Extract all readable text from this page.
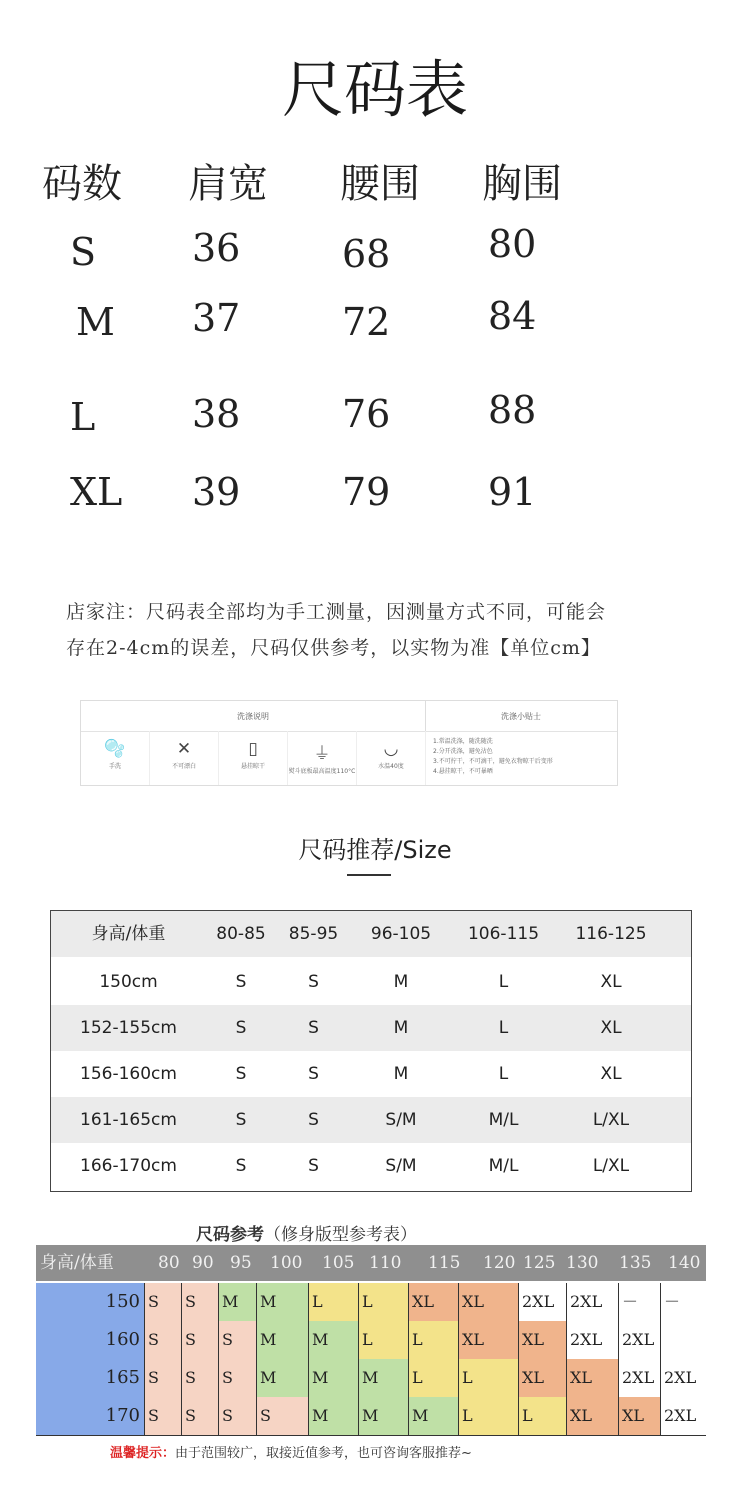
尺码表
码数 肩宽 腰围 胸围
S	36	68	80
M 37	72	84
L	38	76	88
XL 39	79	91
店家注：尺码表全部均为手工测量，因测量方式不同，可能会
存在2-4cm的误差，尺码仅供参考，以实物为准【单位cm】
洗涤说明	洗涤小贴士
1.常温洗涤，随洗随洗
2.分开洗涤，避免沾色
3.不可拧干，不可滴干，避免衣物晾干后变形
4.悬挂晾干，不可暴晒
🫧
手洗
✕
不可漂白
▯
悬挂晾干
⏚
熨斗底板最高温度110°C
◡
水温40度
尺码推荐/Size
身高/体重	80-85	85-95	96-105	106-115	116-125
150cm	S	S	M	L	XL
152-155cm	S	S	M	L	XL
156-160cm	S	S	M	L	XL
161-165cm	S	S	S/M	M/L	L/XL
166-170cm	S	S	S/M	M/L	L/XL
尺码参考（修身版型参考表）
身高/体重	80 90 95 100 105 110 115 120 125 130 135 140
150 S	S	M	M	L	L	XL	XL	2XL 2XL	－	－
160 S	S	S	M	M	L	L	XL	XL	2XL	2XL
165 S	S	S	M	M	M	L	L	XL	XL	2XL 2XL
170 S	S	S	S	M	M	M	L	L	XL	XL	2XL
温馨提示：由于范围较广，取接近值参考，也可咨询客服推荐~
